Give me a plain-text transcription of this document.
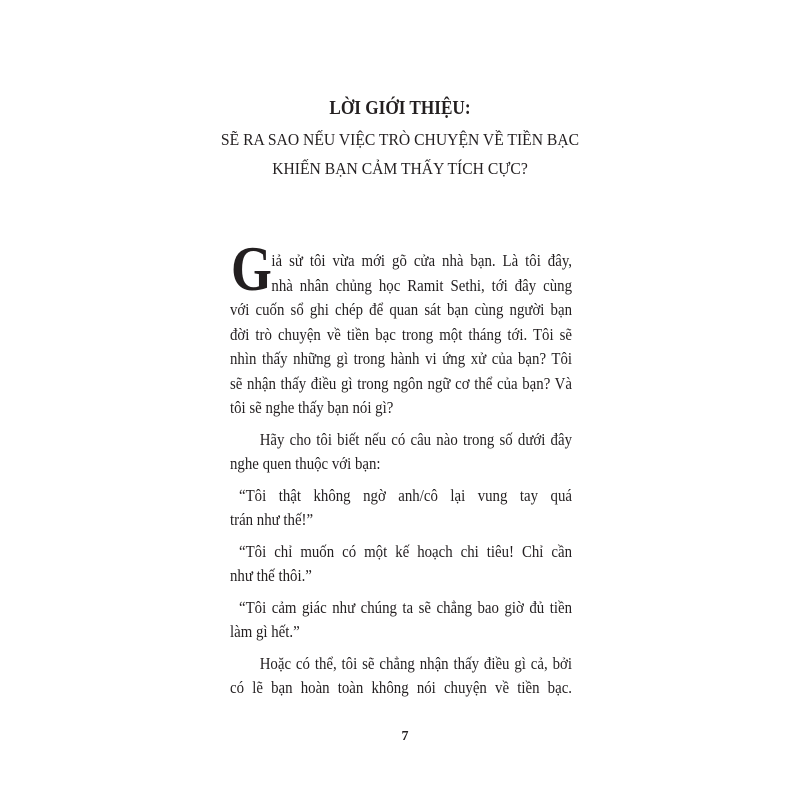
LỜI GIỚI THIỆU:
SẼ RA SAO NẾU VIỆC TRÒ CHUYỆN VỀ TIỀN BẠC
KHIẾN BẠN CẢM THẤY TÍCH CỰC?
G iả sử tôi vừa mới gõ cửa nhà bạn. Là tôi đây,
nhà nhân chủng học Ramit Sethi, tới đây cùng
với cuốn sổ ghi chép để quan sát bạn cùng người bạn
đời trò chuyện về tiền bạc trong một tháng tới. Tôi sẽ
nhìn thấy những gì trong hành vi ứng xử của bạn? Tôi
sẽ nhận thấy điều gì trong ngôn ngữ cơ thể của bạn? Và
tôi sẽ nghe thấy bạn nói gì?
Hãy cho tôi biết nếu có câu nào trong số dưới đây
nghe quen thuộc với bạn:
“Tôi thật không ngờ anh/cô lại vung tay quá
trán như thế!”
“Tôi chỉ muốn có một kế hoạch chi tiêu! Chỉ cần
như thế thôi.”
“Tôi cảm giác như chúng ta sẽ chẳng bao giờ đủ tiền
làm gì hết.”
Hoặc có thể, tôi sẽ chẳng nhận thấy điều gì cả, bởi
có lẽ bạn hoàn toàn không nói chuyện về tiền bạc.
7
